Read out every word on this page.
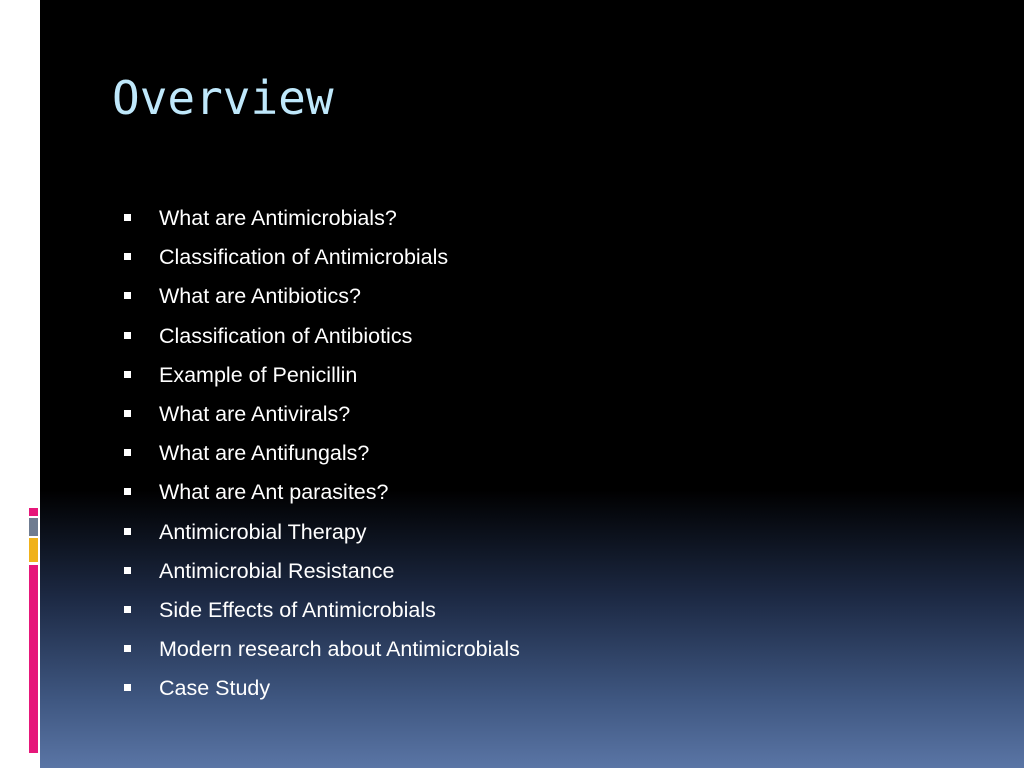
Overview
What are Antimicrobials?
Classification of Antimicrobials
What are Antibiotics?
Classification of Antibiotics
Example of Penicillin
What are Antivirals?
What are Antifungals?
What are Ant parasites?
Antimicrobial Therapy
Antimicrobial Resistance
Side Effects of Antimicrobials
Modern research about Antimicrobials
Case Study
